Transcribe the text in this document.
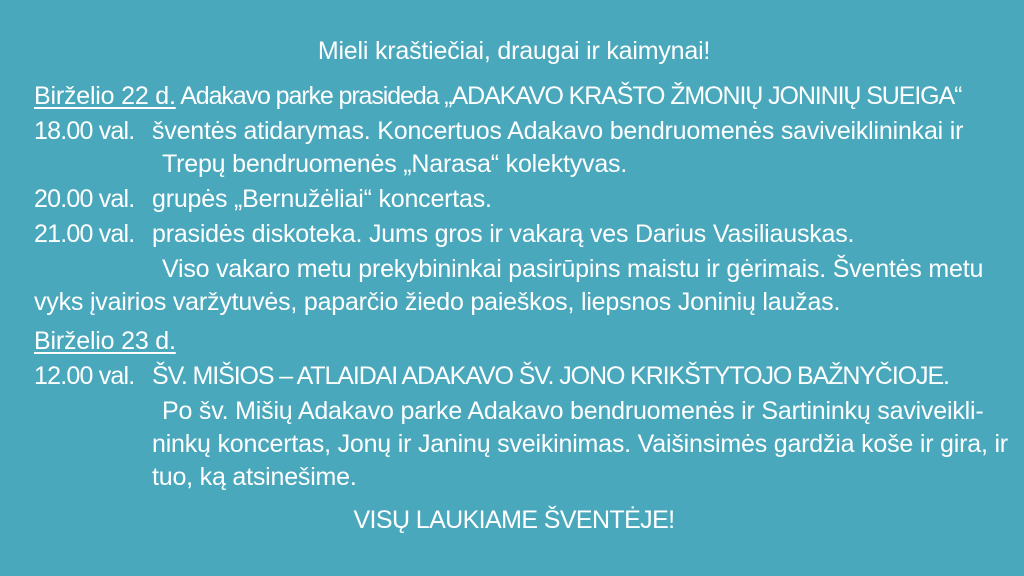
Mieli kraštiečiai, draugai ir kaimynai!
Birželio 22 d. Adakavo parke prasideda „ADAKAVO KRAŠTO ŽMONIŲ JONINIŲ SUEIGA“
18.00 val. šventės atidarymas. Koncertuos Adakavo bendruomenės saviveiklininkai ir
Trepų bendruomenės „Narasa“ kolektyvas.
20.00 val. grupės „Bernužėliai“ koncertas.
21.00 val. prasidės diskoteka. Jums gros ir vakarą ves Darius Vasiliauskas.
Viso vakaro metu prekybininkai pasirūpins maistu ir gėrimais. Šventės metu
vyks įvairios varžytuvės, paparčio žiedo paieškos, liepsnos Joninių laužas.
Birželio 23 d.
12.00 val. ŠV. MIŠIOS – ATLAIDAI ADAKAVO ŠV. JONO KRIKŠTYTOJO BAŽNYČIOJE.
Po šv. Mišių Adakavo parke Adakavo bendruomenės ir Sartininkų saviveikli-
ninkų koncertas, Jonų ir Janinų sveikinimas. Vaišinsimės gardžia koše ir gira, ir
tuo, ką atsinešime.
VISŲ LAUKIAME ŠVENTĖJE!
